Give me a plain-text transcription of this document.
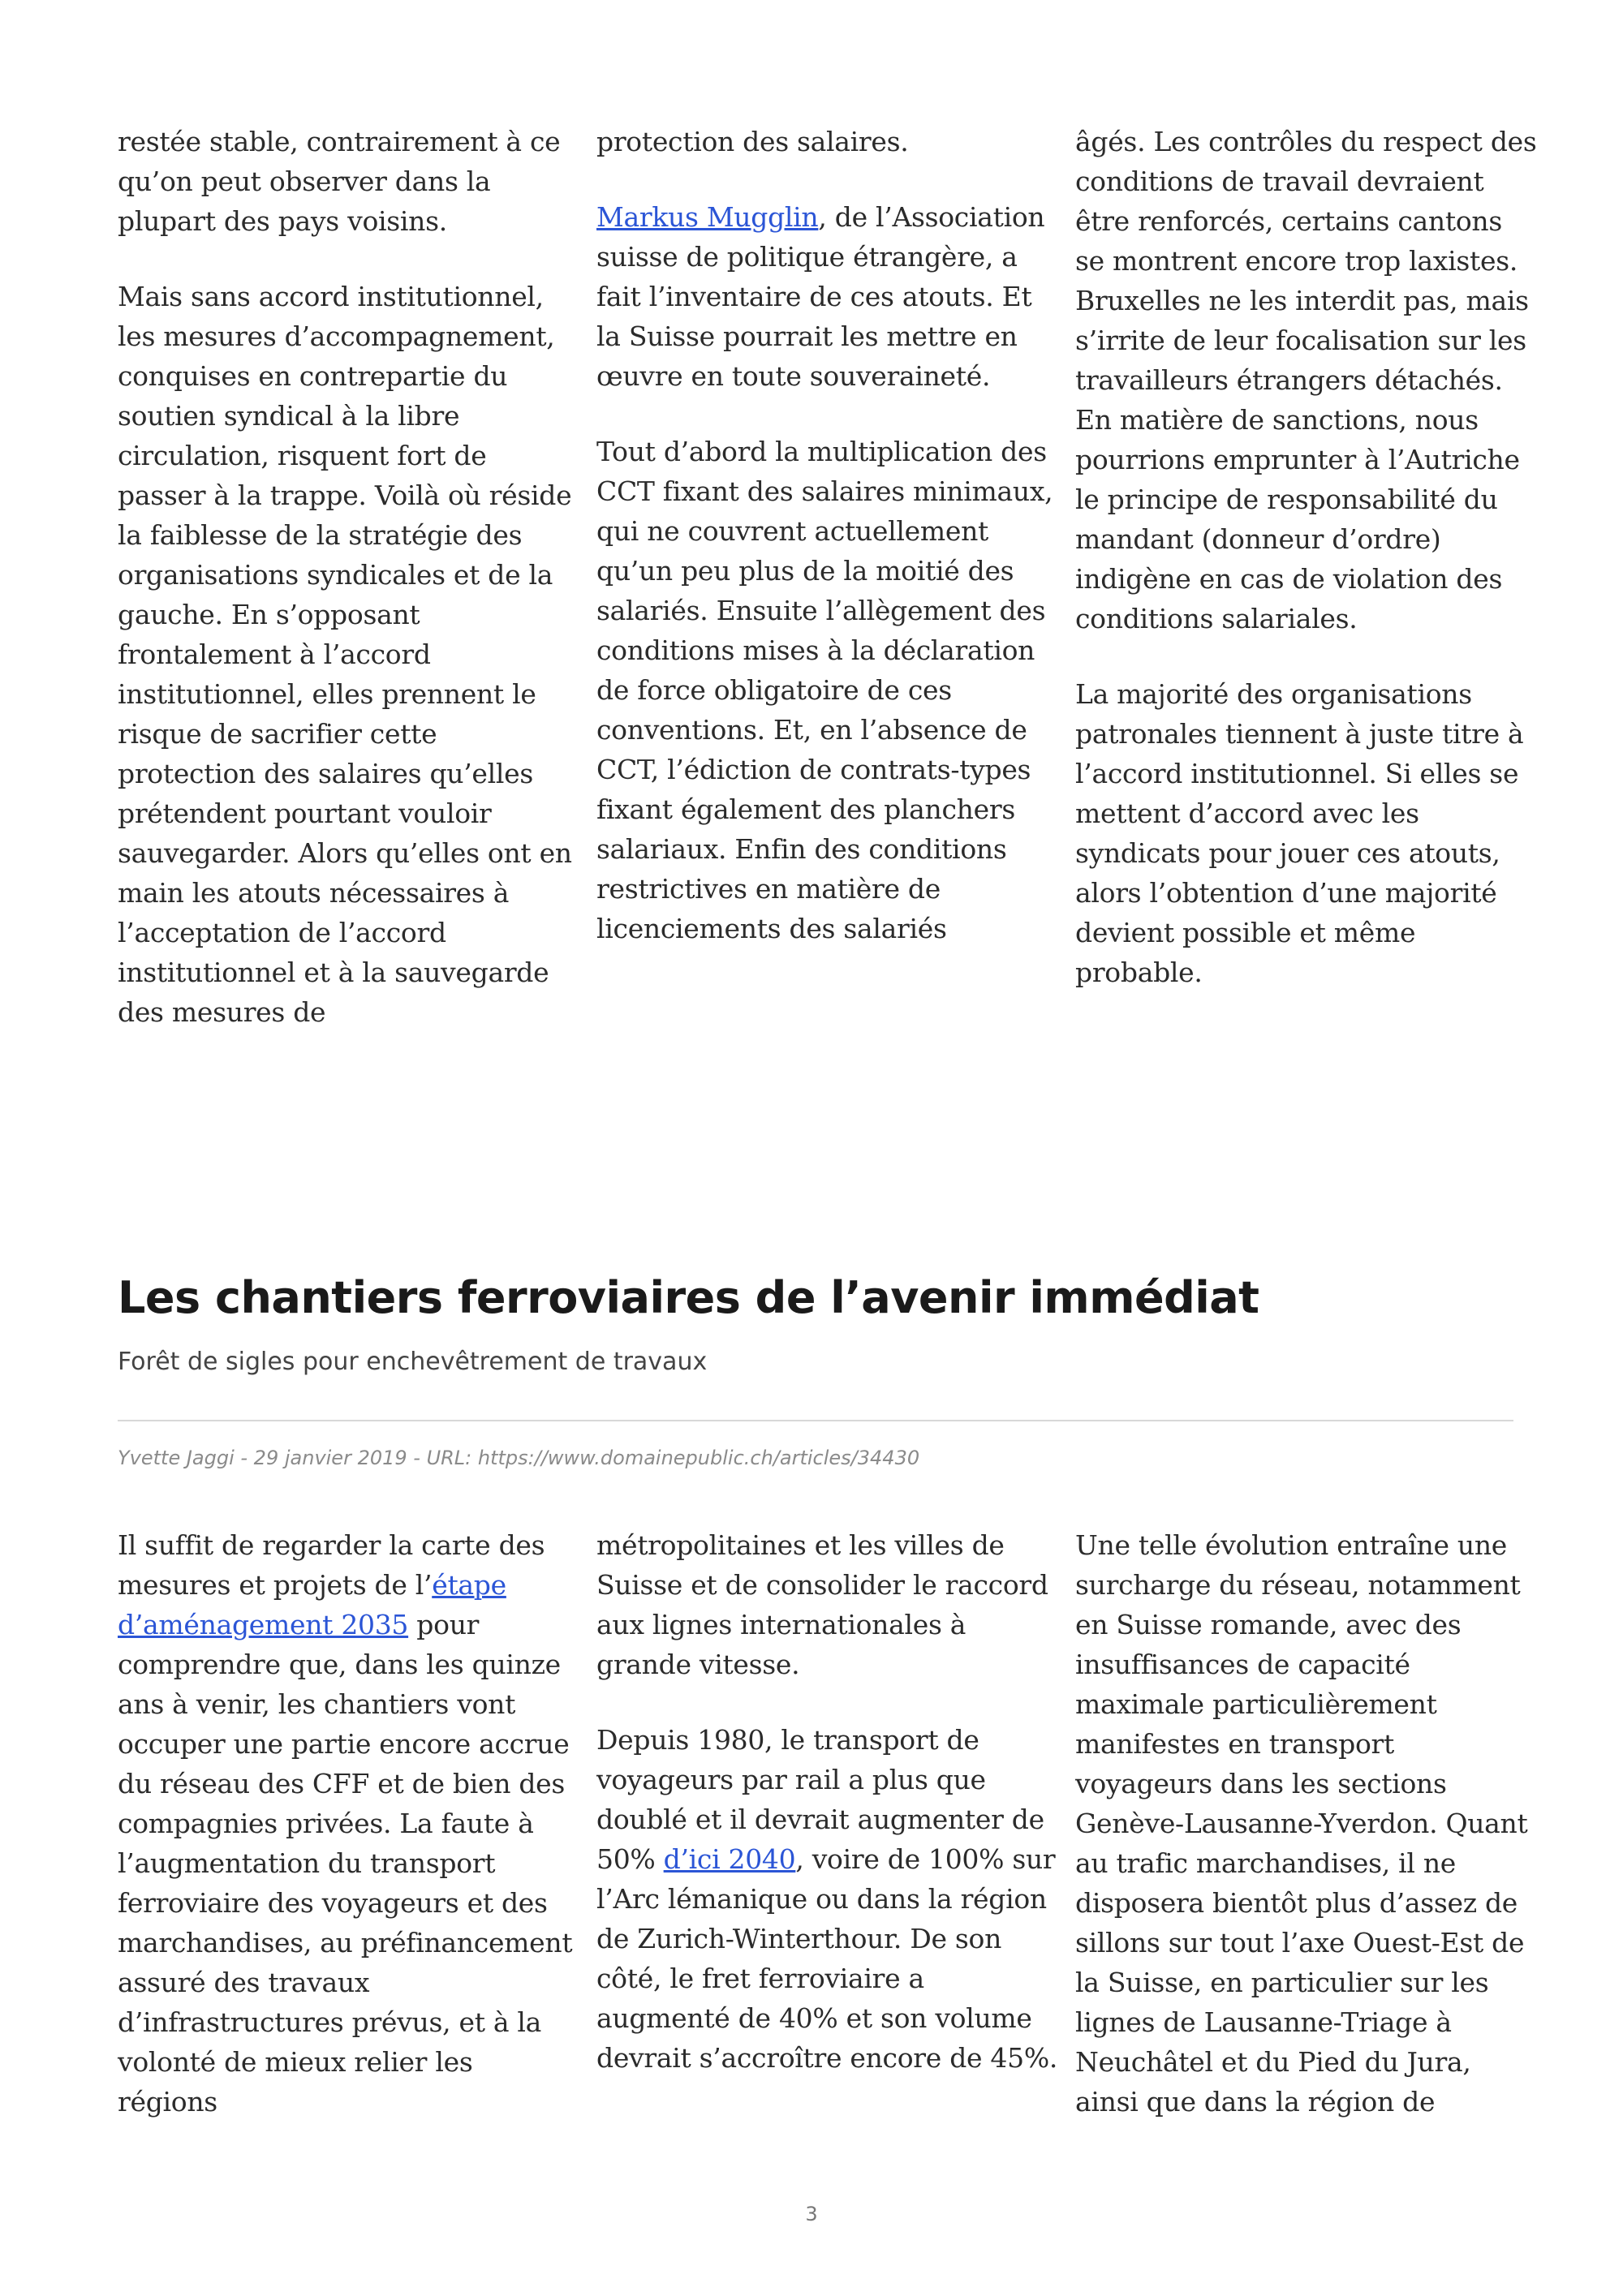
restée stable, contrairement à ce qu’on peut observer dans la plupart des pays voisins.

Mais sans accord institutionnel, les mesures d’accompagnement, conquises en contrepartie du soutien syndical à la libre circulation, risquent fort de passer à la trappe. Voilà où réside la faiblesse de la stratégie des organisations syndicales et de la gauche. En s’opposant frontalement à l’accord institutionnel, elles prennent le risque de sacrifier cette protection des salaires qu’elles prétendent pourtant vouloir sauvegarder. Alors qu’elles ont en main les atouts nécessaires à l’acceptation de l’accord institutionnel et à la sauvegarde des mesures de

protection des salaires.

Markus Mugglin, de l’Association suisse de politique étrangère, a fait l’inventaire de ces atouts. Et la Suisse pourrait les mettre en œuvre en toute souveraineté.

Tout d’abord la multiplication des CCT fixant des salaires minimaux, qui ne couvrent actuellement qu’un peu plus de la moitié des salariés. Ensuite l’allègement des conditions mises à la déclaration de force obligatoire de ces conventions. Et, en l’absence de CCT, l’édiction de contrats-types fixant également des planchers salariaux. Enfin des conditions restrictives en matière de licenciements des salariés

âgés. Les contrôles du respect des conditions de travail devraient être renforcés, certains cantons se montrent encore trop laxistes. Bruxelles ne les interdit pas, mais s’irrite de leur focalisation sur les travailleurs étrangers détachés. En matière de sanctions, nous pourrions emprunter à l’Autriche le principe de responsabilité du mandant (donneur d’ordre) indigène en cas de violation des conditions salariales.

La majorité des organisations patronales tiennent à juste titre à l’accord institutionnel. Si elles se mettent d’accord avec les syndicats pour jouer ces atouts, alors l’obtention d’une majorité devient possible et même probable.

Les chantiers ferroviaires de l’avenir immédiat

Forêt de sigles pour enchevêtrement de travaux

Yvette Jaggi - 29 janvier 2019 - URL: https://www.domainepublic.ch/articles/34430

Il suffit de regarder la carte des mesures et projets de l’étape d’aménagement 2035 pour comprendre que, dans les quinze ans à venir, les chantiers vont occuper une partie encore accrue du réseau des CFF et de bien des compagnies privées. La faute à l’augmentation du transport ferroviaire des voyageurs et des marchandises, au préfinancement assuré des travaux d’infrastructures prévus, et à la volonté de mieux relier les régions

métropolitaines et les villes de Suisse et de consolider le raccord aux lignes internationales à grande vitesse.

Depuis 1980, le transport de voyageurs par rail a plus que doublé et il devrait augmenter de 50% d’ici 2040, voire de 100% sur l’Arc lémanique ou dans la région de Zurich-Winterthour. De son côté, le fret ferroviaire a augmenté de 40% et son volume devrait s’accroître encore de 45%.

Une telle évolution entraîne une surcharge du réseau, notamment en Suisse romande, avec des insuffisances de capacité maximale particulièrement manifestes en transport voyageurs dans les sections Genève-Lausanne-Yverdon. Quant au trafic marchandises, il ne disposera bientôt plus d’assez de sillons sur tout l’axe Ouest-Est de la Suisse, en particulier sur les lignes de Lausanne-Triage à Neuchâtel et du Pied du Jura, ainsi que dans la région de

3
